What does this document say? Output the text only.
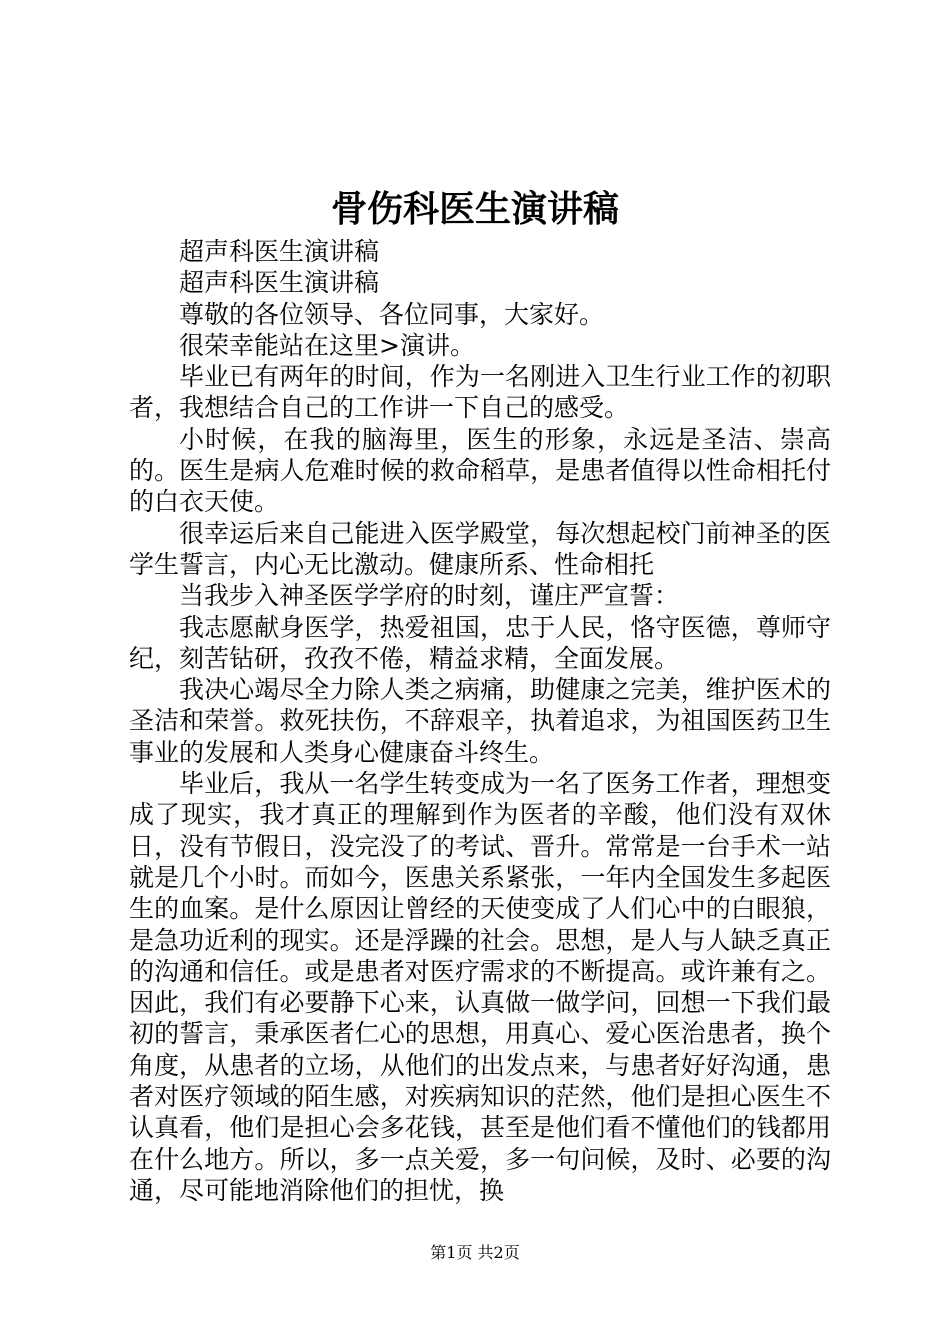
骨伤科医生演讲稿

超声科医生演讲稿

超声科医生演讲稿

尊敬的各位领导、各位同事，大家好。

很荣幸能站在这里>演讲。

毕业已有两年的时间，作为一名刚进入卫生行业工作的初职者，我想结合自己的工作讲一下自己的感受。

小时候，在我的脑海里，医生的形象，永远是圣洁、崇高的。医生是病人危难时候的救命稻草，是患者值得以性命相托付的白衣天使。

很幸运后来自己能进入医学殿堂，每次想起校门前神圣的医学生誓言，内心无比激动。健康所系、性命相托

当我步入神圣医学学府的时刻，谨庄严宣誓：

我志愿献身医学，热爱祖国，忠于人民，恪守医德，尊师守纪，刻苦钻研，孜孜不倦，精益求精，全面发展。

我决心竭尽全力除人类之病痛，助健康之完美，维护医术的圣洁和荣誉。救死扶伤，不辞艰辛，执着追求，为祖国医药卫生事业的发展和人类身心健康奋斗终生。

毕业后，我从一名学生转变成为一名了医务工作者，理想变成了现实，我才真正的理解到作为医者的辛酸，他们没有双休日，没有节假日，没完没了的考试、晋升。常常是一台手术一站就是几个小时。而如今，医患关系紧张，一年内全国发生多起医生的血案。是什么原因让曾经的天使变成了人们心中的白眼狼，是急功近利的现实。还是浮躁的社会。思想，是人与人缺乏真正的沟通和信任。或是患者对医疗需求的不断提高。或许兼有之。因此，我们有必要静下心来，认真做一做学问，回想一下我们最初的誓言，秉承医者仁心的思想，用真心、爱心医治患者，换个角度，从患者的立场，从他们的出发点来，与患者好好沟通，患者对医疗领域的陌生感，对疾病知识的茫然，他们是担心医生不认真看，他们是担心会多花钱，甚至是他们看不懂他们的钱都用在什么地方。所以，多一点关爱，多一句问候，及时、必要的沟通，尽可能地消除他们的担忧，换

第1页 共2页
